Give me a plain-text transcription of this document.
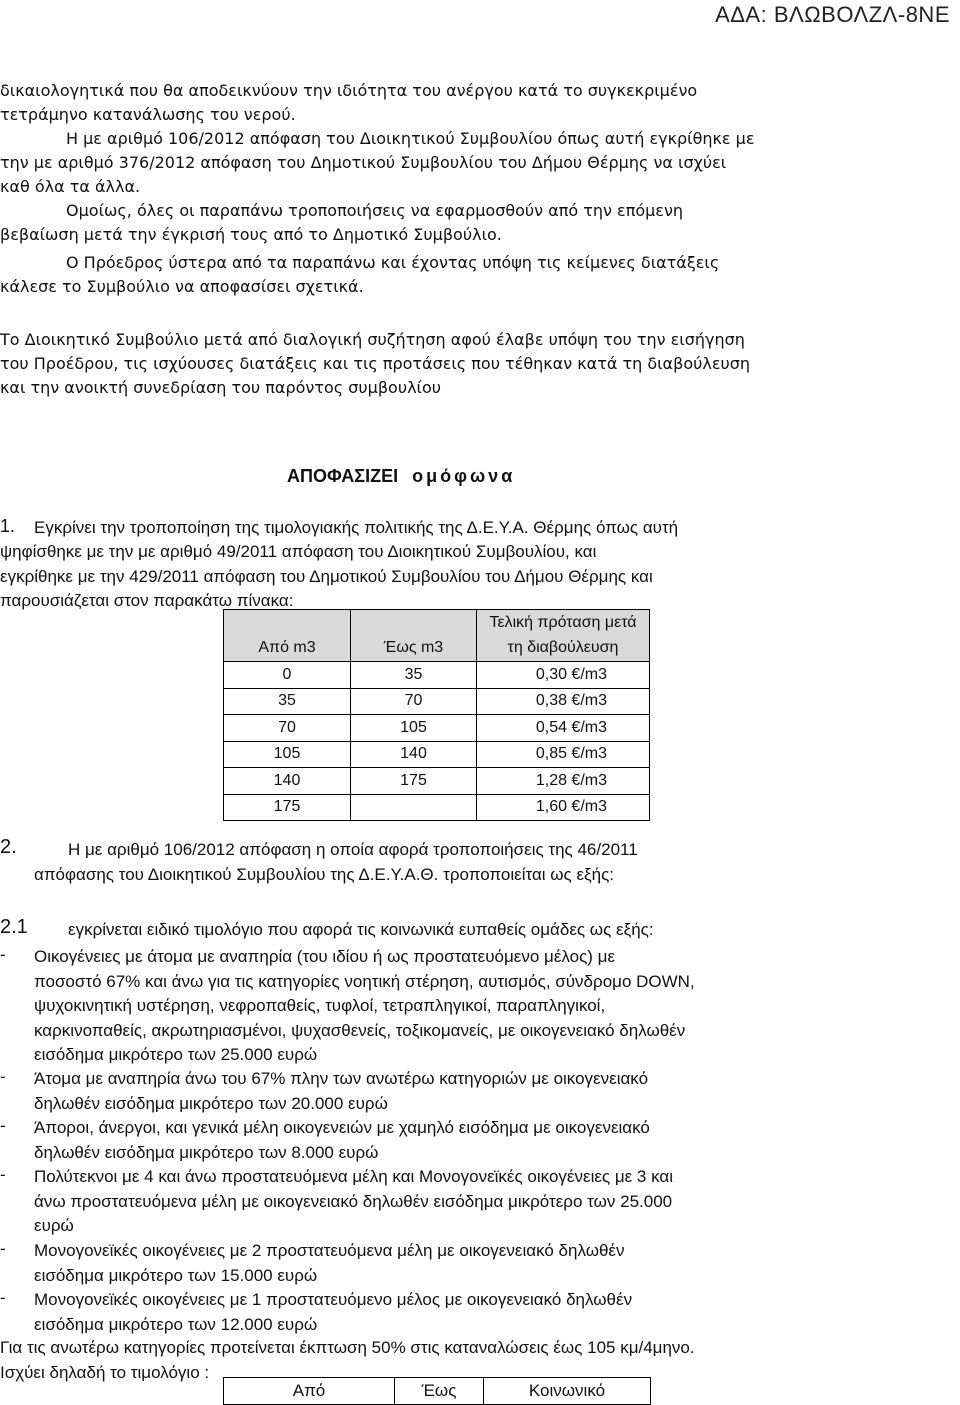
ΑΔΑ: ΒΛΩΒΟΛΖΛ-8ΝΕ
δικαιολογητικά που θα αποδεικνύουν την ιδιότητα του ανέργου κατά το συγκεκριμένο
τετράμηνο κατανάλωσης του νερού.
Η με αριθμό 106/2012 απόφαση του Διοικητικού Συμβουλίου όπως αυτή εγκρίθηκε με
την με αριθμό 376/2012 απόφαση του Δημοτικού Συμβουλίου του Δήμου Θέρμης να ισχύει
καθ όλα τα άλλα.
Ομοίως, όλες οι παραπάνω τροποποιήσεις να εφαρμοσθούν από την επόμενη
βεβαίωση μετά την έγκρισή τους από το Δημοτικό Συμβούλιο.
Ο Πρόεδρος ύστερα από τα παραπάνω και έχοντας υπόψη τις κείμενες διατάξεις
κάλεσε το Συμβούλιο να αποφασίσει σχετικά.
Το Διοικητικό Συμβούλιο μετά από διαλογική συζήτηση αφού έλαβε υπόψη του την εισήγηση
του Προέδρου, τις ισχύουσες διατάξεις και τις προτάσεις που τέθηκαν κατά τη διαβούλευση
και την ανοικτή συνεδρίαση του παρόντος συμβουλίου
ΑΠΟΦΑΣΙΖΕΙ ομόφωνα
1. Εγκρίνει την τροποποίηση της τιμολογιακής πολιτικής της Δ.Ε.Υ.Α. Θέρμης όπως αυτή
ψηφίσθηκε με την με αριθμό 49/2011 απόφαση του Διοικητικού Συμβουλίου, και
εγκρίθηκε με την 429/2011 απόφαση του Δημοτικού Συμβουλίου του Δήμου Θέρμης και
παρουσιάζεται στον παρακάτω πίνακα:
		Τελική πρόταση μετά
Από m3	Έως m3	τη διαβούλευση
0	35	0,30 €/m3
35	70	0,38 €/m3
70	105	0,54 €/m3
105	140	0,85 €/m3
140	175	1,28 €/m3
175		1,60 €/m3
2.	Η με αριθμό 106/2012 απόφαση η οποία αφορά τροποποιήσεις της 46/2011
απόφασης του Διοικητικού Συμβουλίου της Δ.Ε.Υ.Α.Θ. τροποποιείται ως εξής:
2.1	εγκρίνεται ειδικό τιμολόγιο που αφορά τις κοινωνικά ευπαθείς ομάδες ως εξής:
- Οικογένειες με άτομα με αναπηρία (του ιδίου ή ως προστατευόμενο μέλος) με
ποσοστό 67% και άνω για τις κατηγορίες νοητική στέρηση, αυτισμός, σύνδρομο DOWN,
ψυχοκινητική υστέρηση, νεφροπαθείς, τυφλοί, τετραπληγικοί, παραπληγικοί,
καρκινοπαθείς, ακρωτηριασμένοι, ψυχασθενείς, τοξικομανείς, με οικογενειακό δηλωθέν
εισόδημα μικρότερο των 25.000 ευρώ
- Άτομα με αναπηρία άνω του 67% πλην των ανωτέρω κατηγοριών με οικογενειακό
δηλωθέν εισόδημα μικρότερο των 20.000 ευρώ
- Άποροι, άνεργοι, και γενικά μέλη οικογενειών με χαμηλό εισόδημα με οικογενειακό
δηλωθέν εισόδημα μικρότερο των 8.000 ευρώ
- Πολύτεκνοι με 4 και άνω προστατευόμενα μέλη και Μονογονεϊκές οικογένειες με 3 και
άνω προστατευόμενα μέλη με οικογενειακό δηλωθέν εισόδημα μικρότερο των 25.000
ευρώ
- Μονογονεϊκές οικογένειες με 2 προστατευόμενα μέλη με οικογενειακό δηλωθέν
εισόδημα μικρότερο των 15.000 ευρώ
- Μονογονεϊκές οικογένειες με 1 προστατευόμενο μέλος με οικογενειακό δηλωθέν
εισόδημα μικρότερο των 12.000 ευρώ
Για τις ανωτέρω κατηγορίες προτείνεται έκπτωση 50% στις καταναλώσεις έως 105 κμ/4μηνο.
Ισχύει δηλαδή το τιμολόγιο :
Από	Έως	Κοινωνικό
